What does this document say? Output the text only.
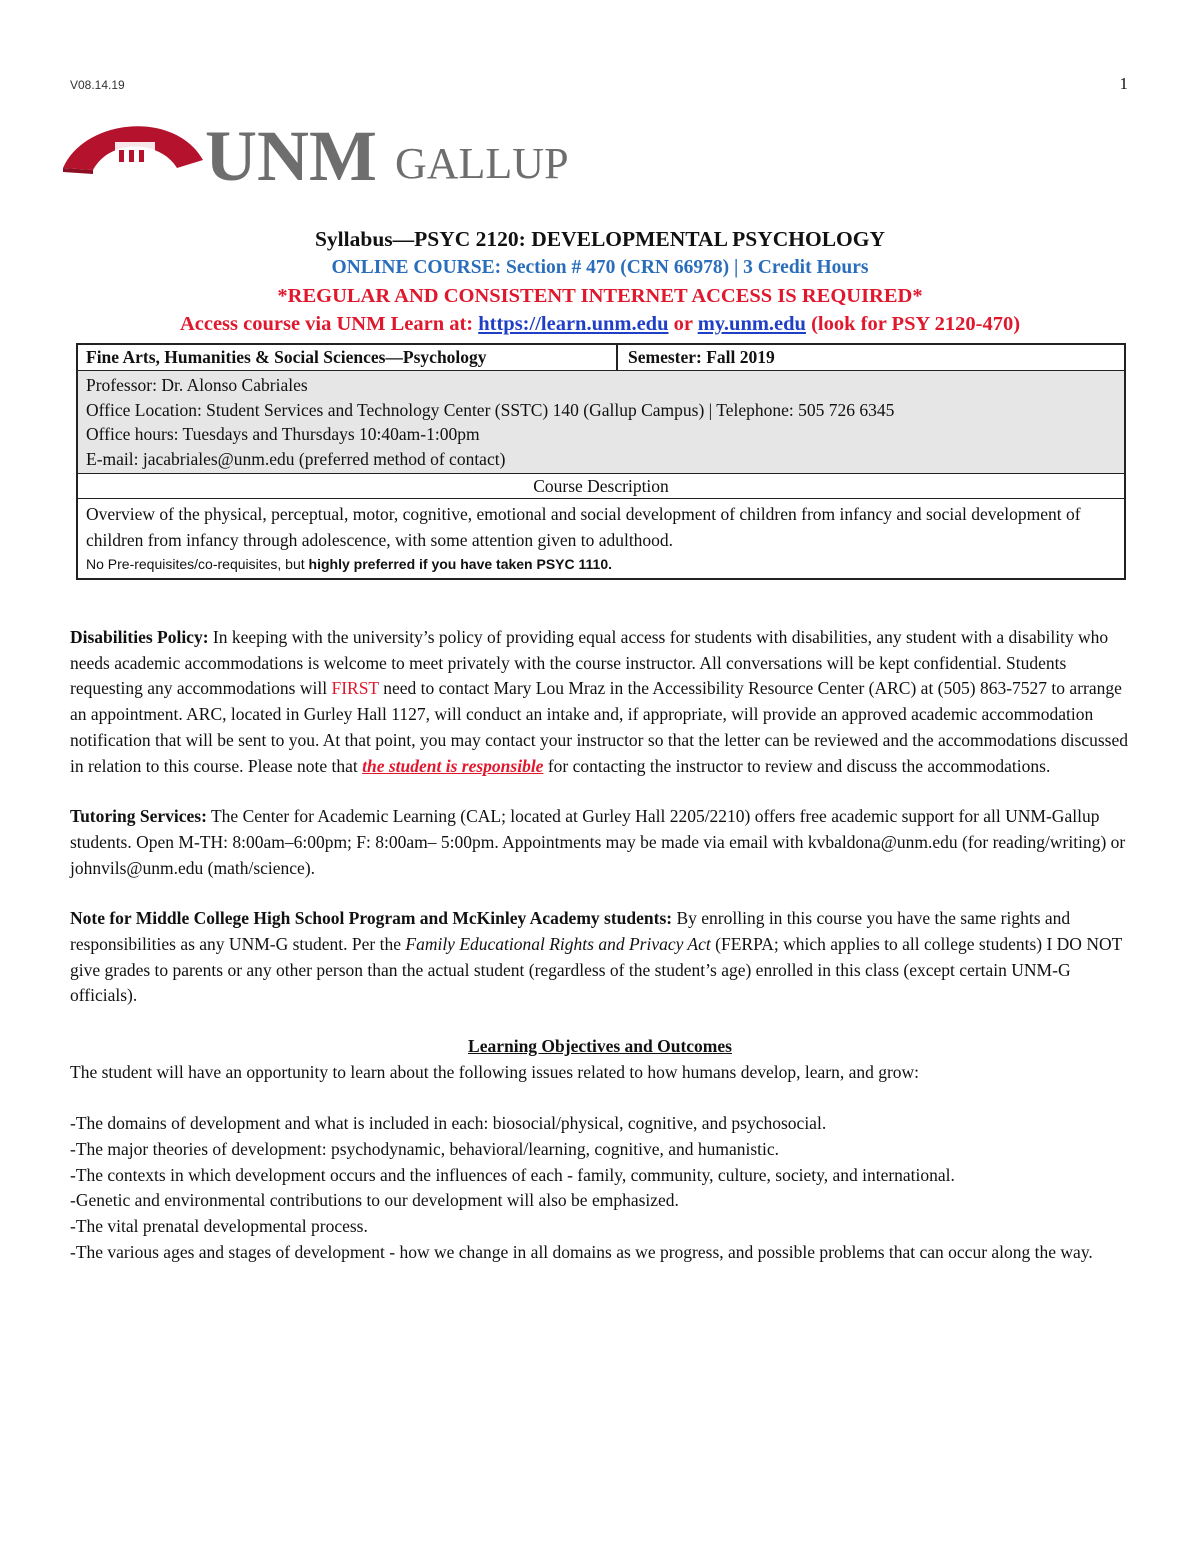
V08.14.19	1
UNM GALLUP
Syllabus—PSYC 2120: DEVELOPMENTAL PSYCHOLOGY
ONLINE COURSE: Section # 470 (CRN 66978) | 3 Credit Hours
*REGULAR AND CONSISTENT INTERNET ACCESS IS REQUIRED*
Access course via UNM Learn at: https://learn.unm.edu or my.unm.edu (look for PSY 2120-470)
Fine Arts, Humanities & Social Sciences—Psychology	Semester: Fall 2019
Professor: Dr. Alonso Cabriales
Office Location: Student Services and Technology Center (SSTC) 140 (Gallup Campus) | Telephone: 505 726 6345
Office hours: Tuesdays and Thursdays 10:40am-1:00pm
E-mail: jacabriales@unm.edu (preferred method of contact)
Course Description
Overview of the physical, perceptual, motor, cognitive, emotional and social development of children from infancy and social development of children from infancy through adolescence, with some attention given to adulthood.
No Pre-requisites/co-requisites, but highly preferred if you have taken PSYC 1110.

Disabilities Policy: In keeping with the university’s policy of providing equal access for students with disabilities, any student with a disability who needs academic accommodations is welcome to meet privately with the course instructor. All conversations will be kept confidential. Students requesting any accommodations will FIRST need to contact Mary Lou Mraz in the Accessibility Resource Center (ARC) at (505) 863-7527 to arrange an appointment. ARC, located in Gurley Hall 1127, will conduct an intake and, if appropriate, will provide an approved academic accommodation notification that will be sent to you. At that point, you may contact your instructor so that the letter can be reviewed and the accommodations discussed in relation to this course. Please note that the student is responsible for contacting the instructor to review and discuss the accommodations.

Tutoring Services: The Center for Academic Learning (CAL; located at Gurley Hall 2205/2210) offers free academic support for all UNM-Gallup students. Open M-TH: 8:00am–6:00pm; F: 8:00am– 5:00pm. Appointments may be made via email with kvbaldona@unm.edu (for reading/writing) or johnvils@unm.edu (math/science).

Note for Middle College High School Program and McKinley Academy students: By enrolling in this course you have the same rights and responsibilities as any UNM-G student. Per the Family Educational Rights and Privacy Act (FERPA; which applies to all college students) I DO NOT give grades to parents or any other person than the actual student (regardless of the student’s age) enrolled in this class (except certain UNM-G officials).

Learning Objectives and Outcomes

The student will have an opportunity to learn about the following issues related to how humans develop, learn, and grow:

-The domains of development and what is included in each: biosocial/physical, cognitive, and psychosocial.
-The major theories of development: psychodynamic, behavioral/learning, cognitive, and humanistic.
-The contexts in which development occurs and the influences of each - family, community, culture, society, and international.
-Genetic and environmental contributions to our development will also be emphasized.
-The vital prenatal developmental process.
-The various ages and stages of development - how we change in all domains as we progress, and possible problems that can occur along the way.
